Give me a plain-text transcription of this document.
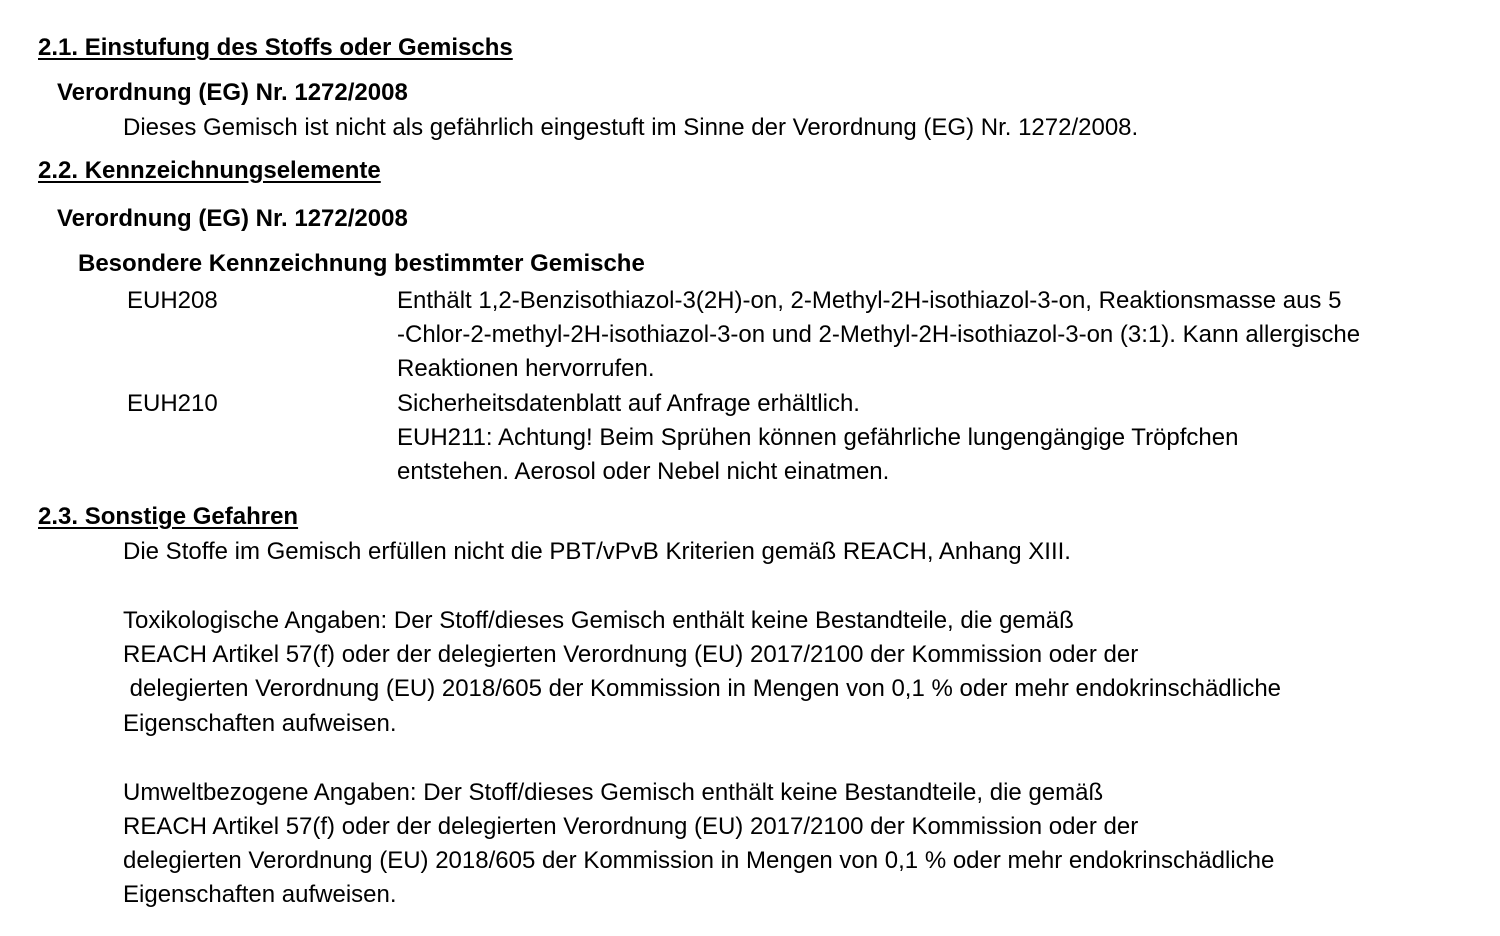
2.1. Einstufung des Stoffs oder Gemischs
Verordnung (EG) Nr. 1272/2008
Dieses Gemisch ist nicht als gefährlich eingestuft im Sinne der Verordnung (EG) Nr. 1272/2008.
2.2. Kennzeichnungselemente
Verordnung (EG) Nr. 1272/2008
Besondere Kennzeichnung bestimmter Gemische
EUH208	Enthält 1,2-Benzisothiazol-3(2H)-on, 2-Methyl-2H-isothiazol-3-on, Reaktionsmasse aus 5
-Chlor-2-methyl-2H-isothiazol-3-on und 2-Methyl-2H-isothiazol-3-on (3:1). Kann allergische
Reaktionen hervorrufen.
EUH210	Sicherheitsdatenblatt auf Anfrage erhältlich.
EUH211: Achtung! Beim Sprühen können gefährliche lungengängige Tröpfchen
entstehen. Aerosol oder Nebel nicht einatmen.
2.3. Sonstige Gefahren
Die Stoffe im Gemisch erfüllen nicht die PBT/vPvB Kriterien gemäß REACH, Anhang XIII.
Toxikologische Angaben: Der Stoff/dieses Gemisch enthält keine Bestandteile, die gemäß
REACH Artikel 57(f) oder der delegierten Verordnung (EU) 2017/2100 der Kommission oder der
delegierten Verordnung (EU) 2018/605 der Kommission in Mengen von 0,1 % oder mehr endokrinschädliche
Eigenschaften aufweisen.
Umweltbezogene Angaben: Der Stoff/dieses Gemisch enthält keine Bestandteile, die gemäß
REACH Artikel 57(f) oder der delegierten Verordnung (EU) 2017/2100 der Kommission oder der
delegierten Verordnung (EU) 2018/605 der Kommission in Mengen von 0,1 % oder mehr endokrinschädliche
Eigenschaften aufweisen.
